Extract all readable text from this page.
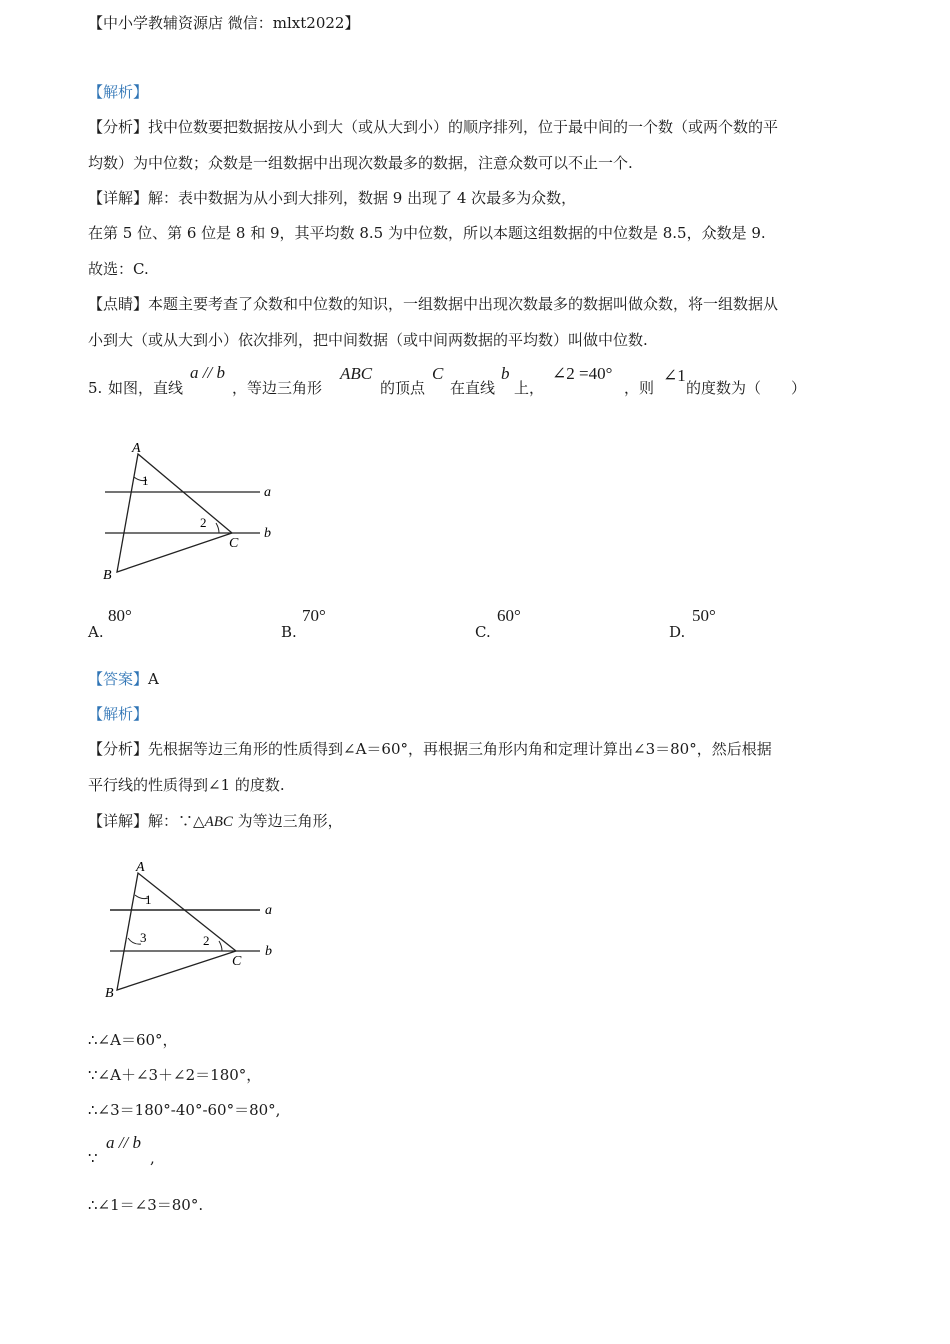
【中小学教辅资源店 微信：mlxt2022】
【解析】
【分析】找中位数要把数据按从小到大（或从大到小）的顺序排列，位于最中间的一个数（或两个数的平
均数）为中位数；众数是一组数据中出现次数最多的数据，注意众数可以不止一个.
【详解】解：表中数据为从小到大排列，数据 9 出现了 4 次最多为众数，
在第 5 位、第 6 位是 8 和 9，其平均数 8.5 为中位数，所以本题这组数据的中位数是 8.5，众数是 9.
故选：C.
【点睛】本题主要考查了众数和中位数的知识，一组数据中出现次数最多的数据叫做众数，将一组数据从
小到大（或从大到小）依次排列，把中间数据（或中间两数据的平均数）叫做中位数.
5. 如图，直线
a // b
，等边三角形
ABC
的顶点
C
在直线
b
上，
∠2 =40°
，则
∠1
的度数为（　　）
A
B
C
a
b
1
2
A.
80°
B.
70°
C.
60°
D.
50°
【答案】A
【解析】
【分析】先根据等边三角形的性质得到∠A＝60°，再根据三角形内角和定理计算出∠3＝80°，然后根据
平行线的性质得到∠1 的度数.
【详解】解：∵△ABC 为等边三角形，
A
B
C
a
b
1
3	2
∴∠A＝60°，
∵∠A＋∠3＋∠2＝180°，
∴∠3＝180°-40°-60°＝80°,
∵
a // b
,
∴∠1＝∠3＝80°.
